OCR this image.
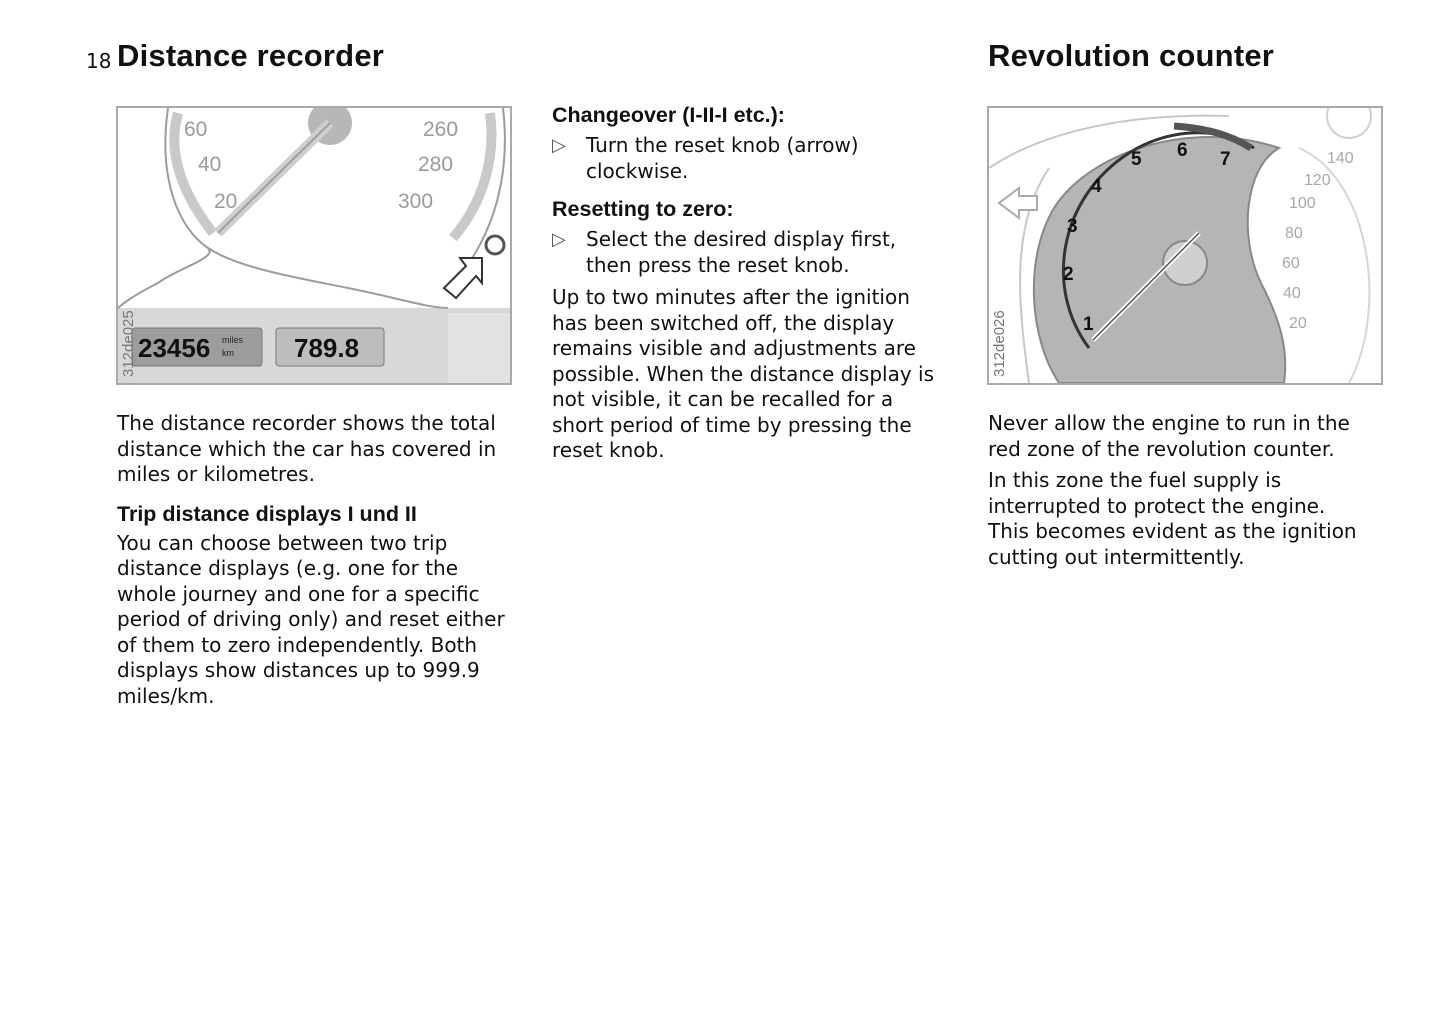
18 Distance recorder	Revolution counter
60
40
20
260
280
300
23456 miles
km 789.8
312de025

The distance recorder shows the total distance which the car has covered in miles or kilometres.

Trip distance displays I und II

You can choose between two trip distance displays (e.g. one for the whole journey and one for a specific period of driving only) and reset either of them to zero independently. Both displays show distances up to 999.9 miles/km.

Changeover (I-II-I etc.):
▷	Turn the reset knob (arrow) clockwise.

Resetting to zero:
▷	Select the desired display first, then press the reset knob.

Up to two minutes after the ignition has been switched off, the display remains visible and adjustments are possible. When the distance display is not visible, it can be recalled for a short period of time by pressing the reset knob.

1
2
3
4
5 6 7	140
120
100
80
60
40
20
312de026

Never allow the engine to run in the red zone of the revolution counter.

In this zone the fuel supply is interrupted to protect the engine. This becomes evident as the ignition cutting out intermittently.
